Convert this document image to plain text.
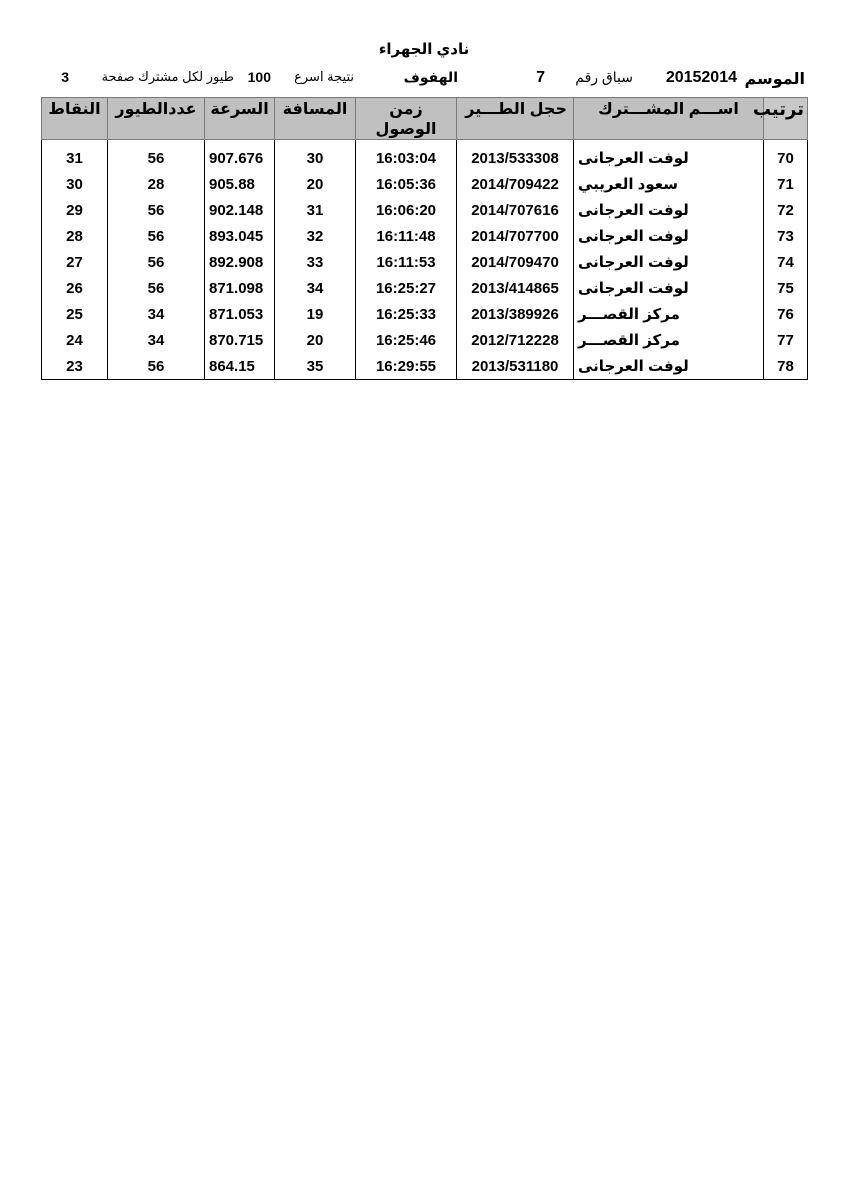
نادي الجهراء
الموسم
20152014
سباق رقم
7
الهفوف
نتيجة اسرع
100
طيور لكل مشترك صفحة
3
ترتيب	اســـم المشـــترك	حجل الطـــير	زمن الوصول	المسافة	السرعة	عددالطيور	النقاط

70	لوفت العرجانى	2013/533308	16:03:04	30	907.676	56	31
71	سعود العريبي	2014/709422	16:05:36	20	905.88	28	30
72	لوفت العرجانى	2014/707616	16:06:20	31	902.148	56	29
73	لوفت العرجانى	2014/707700	16:11:48	32	893.045	56	28
74	لوفت العرجانى	2014/709470	16:11:53	33	892.908	56	27
75	لوفت العرجانى	2013/414865	16:25:27	34	871.098	56	26
76	مركز القصـــر	2013/389926	16:25:33	19	871.053	34	25
77	مركز القصـــر	2012/712228	16:25:46	20	870.715	34	24
78	لوفت العرجانى	2013/531180	16:29:55	35	864.15	56	23
